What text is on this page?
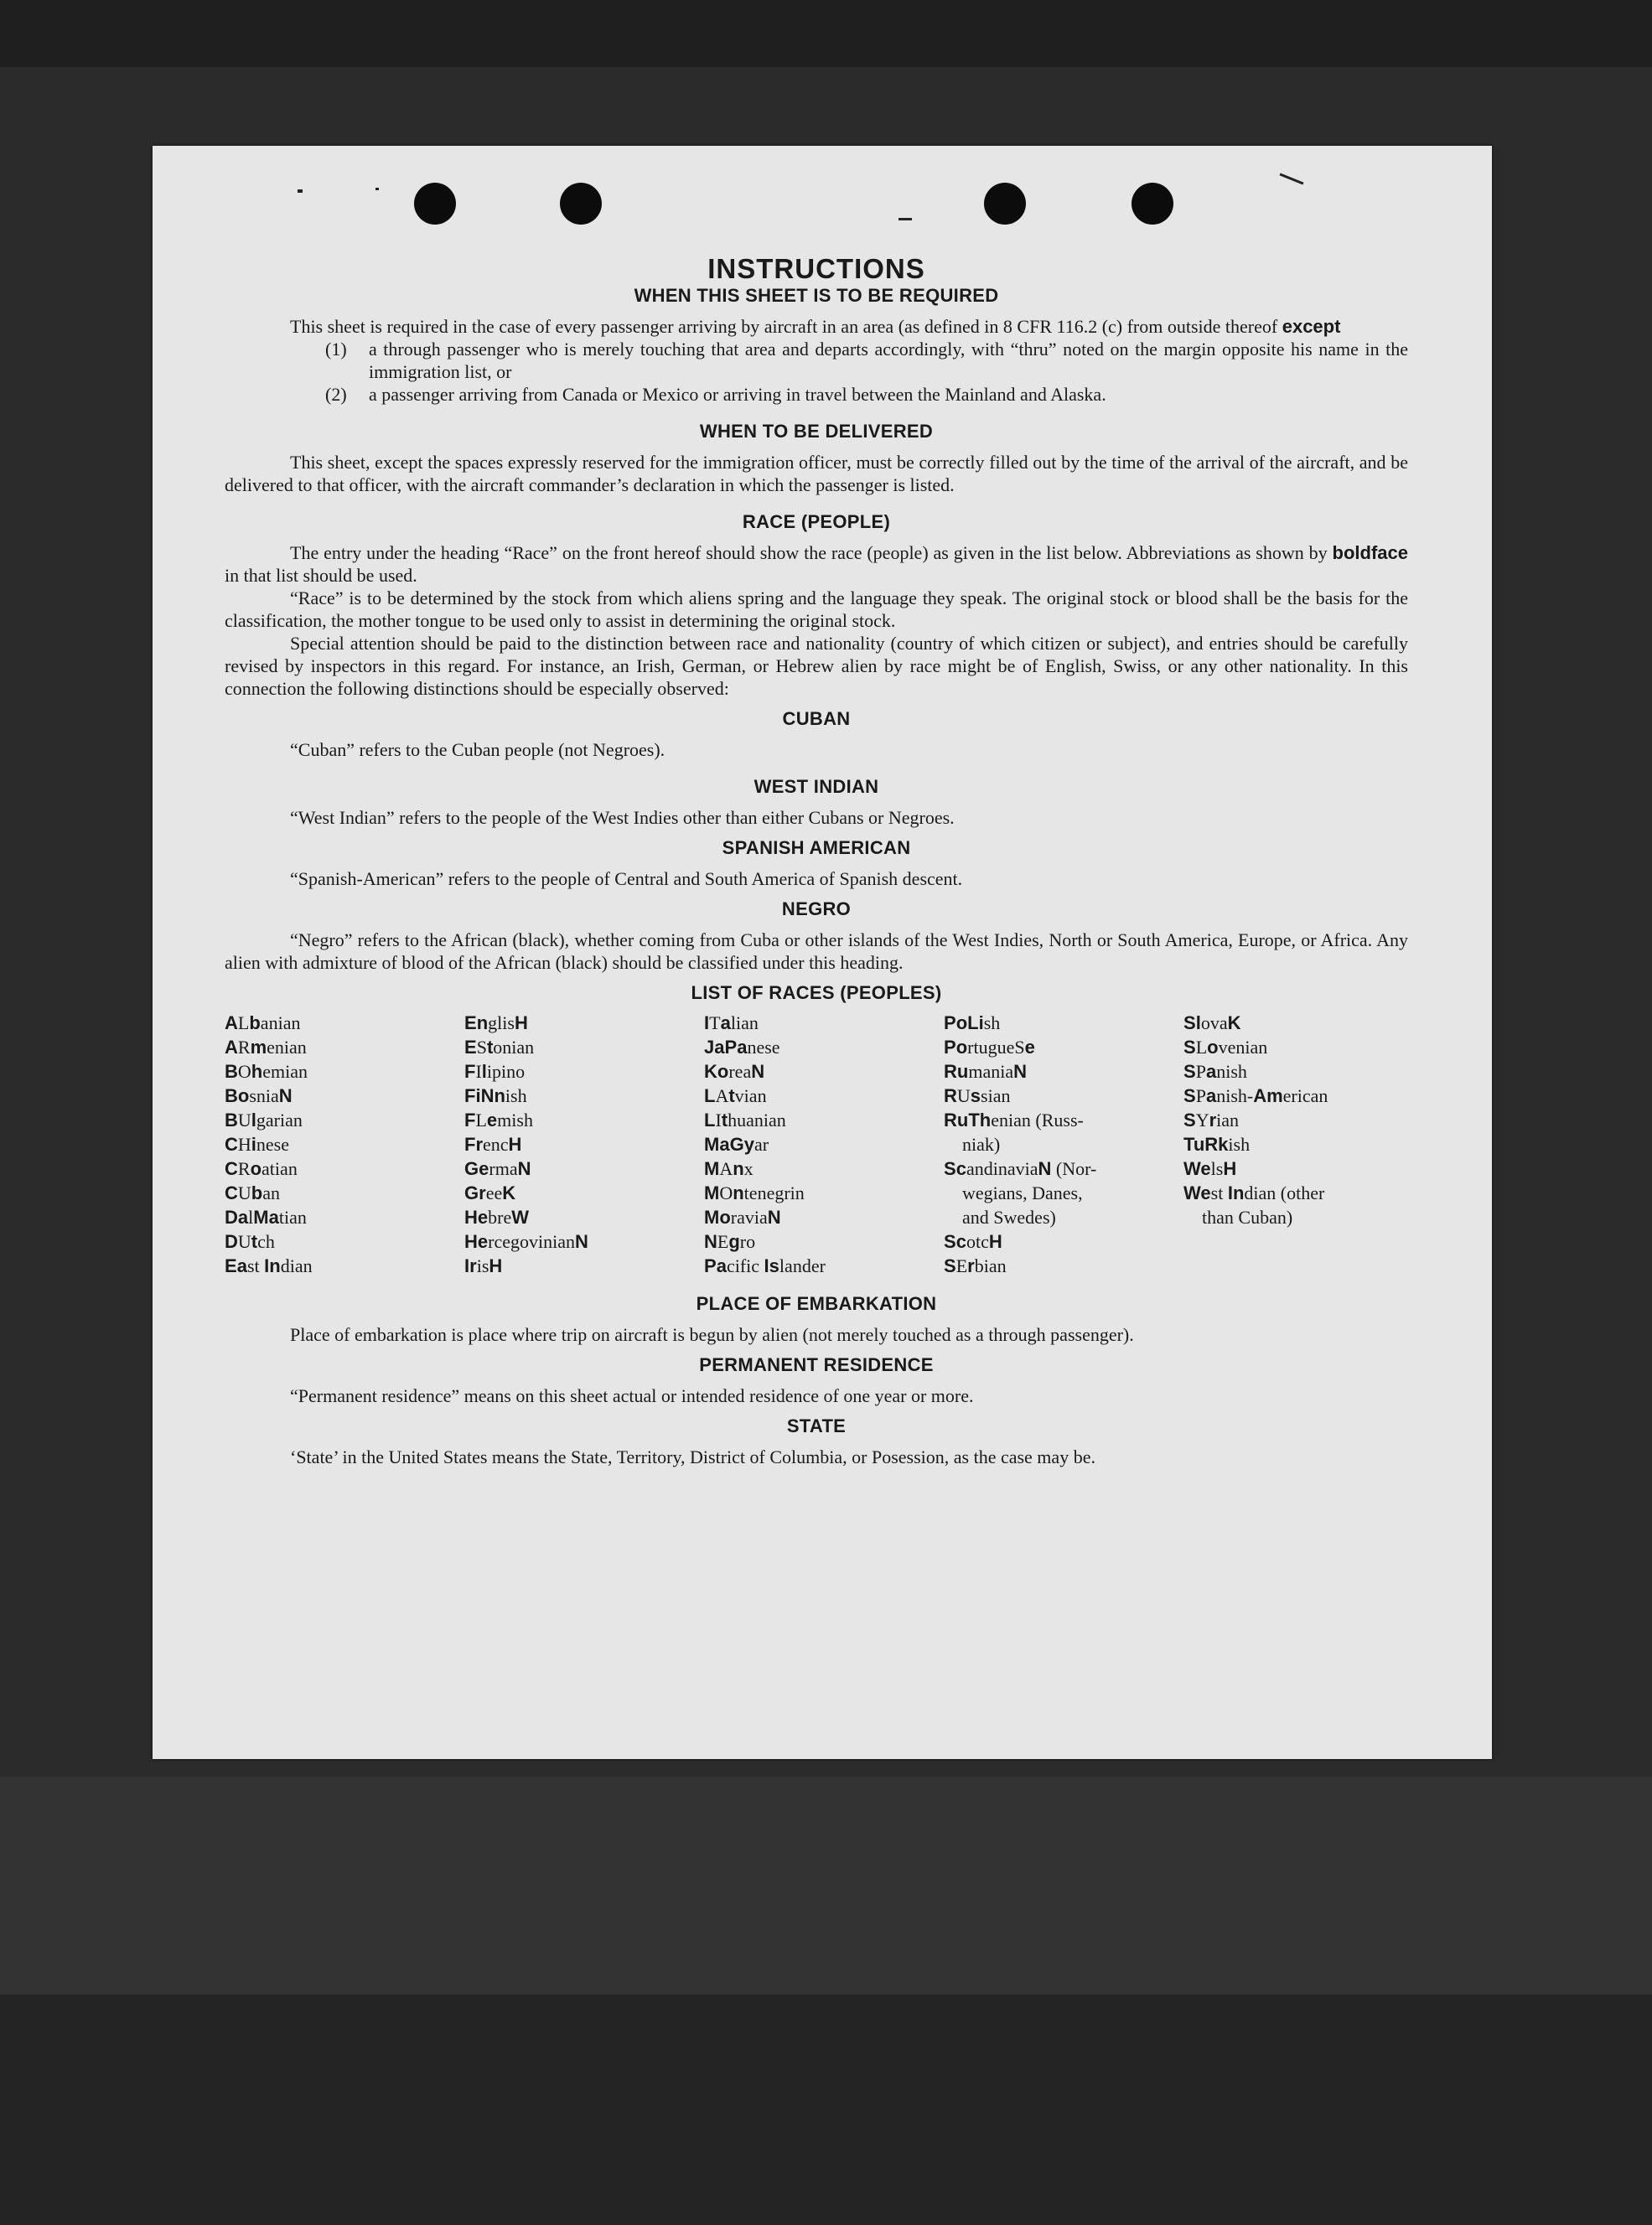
INSTRUCTIONS
WHEN THIS SHEET IS TO BE REQUIRED

This sheet is required in the case of every passenger arriving by aircraft in an area (as defined in 8 CFR 116.2 (c) from outside thereof except

(1)	a through passenger who is merely touching that area and departs accordingly, with “thru” noted on the margin opposite his name in the immigration list, or
(2)	a passenger arriving from Canada or Mexico or arriving in travel between the Mainland and Alaska.
WHEN TO BE DELIVERED

This sheet, except the spaces expressly reserved for the immigration officer, must be correctly filled out by the time of the arrival of the aircraft, and be delivered to that officer, with the aircraft commander’s declaration in which the passenger is listed.

RACE (PEOPLE)

The entry under the heading “Race” on the front hereof should show the race (people) as given in the list below. Abbreviations as shown by boldface in that list should be used.

“Race” is to be determined by the stock from which aliens spring and the language they speak. The original stock or blood shall be the basis for the classification, the mother tongue to be used only to assist in determining the original stock.

Special attention should be paid to the distinction between race and nationality (country of which citizen or subject), and entries should be carefully revised by inspectors in this regard. For instance, an Irish, German, or Hebrew alien by race might be of English, Swiss, or any other nationality. In this connection the following distinctions should be especially observed:

CUBAN

“Cuban” refers to the Cuban people (not Negroes).

WEST INDIAN

“West Indian” refers to the people of the West Indies other than either Cubans or Negroes.

SPANISH AMERICAN

“Spanish-American” refers to the people of Central and South America of Spanish descent.

NEGRO

“Negro” refers to the African (black), whether coming from Cuba or other islands of the West Indies, North or South America, Europe, or Africa. Any alien with admixture of blood of the African (black) should be classified under this heading.

LIST OF RACES (PEOPLES)
ALbanian
ARmenian
BOhemian
BosniaN
BUlgarian
CHinese
CRoatian
CUban
DalMatian
DUtch
East Indian
EnglisH
EStonian
FIlipino
FiNnish
FLemish
FrencH
GermaN
GreeK
HebreW
HercegovinianN
IrisH
ITalian
JaPanese
KoreaN
LAtvian
LIthuanian
MaGyar
MAnx
MOntenegrin
MoraviaN
NEgro
Pacific Islander
PoLish
PortugueSe
RumaniaN
RUssian
RuThenian (Russ-
niak)
ScandinaviaN (Nor-
wegians, Danes,
and Swedes)
ScotcH
SErbian
SlovaK
SLovenian
SPanish
SPanish-American
SYrian
TuRkish
WelsH
West Indian (other
than Cuban)
PLACE OF EMBARKATION

Place of embarkation is place where trip on aircraft is begun by alien (not merely touched as a through passenger).

PERMANENT RESIDENCE

“Permanent residence” means on this sheet actual or intended residence of one year or more.

STATE

‘State’ in the United States means the State, Territory, District of Columbia, or Posession, as the case may be.
